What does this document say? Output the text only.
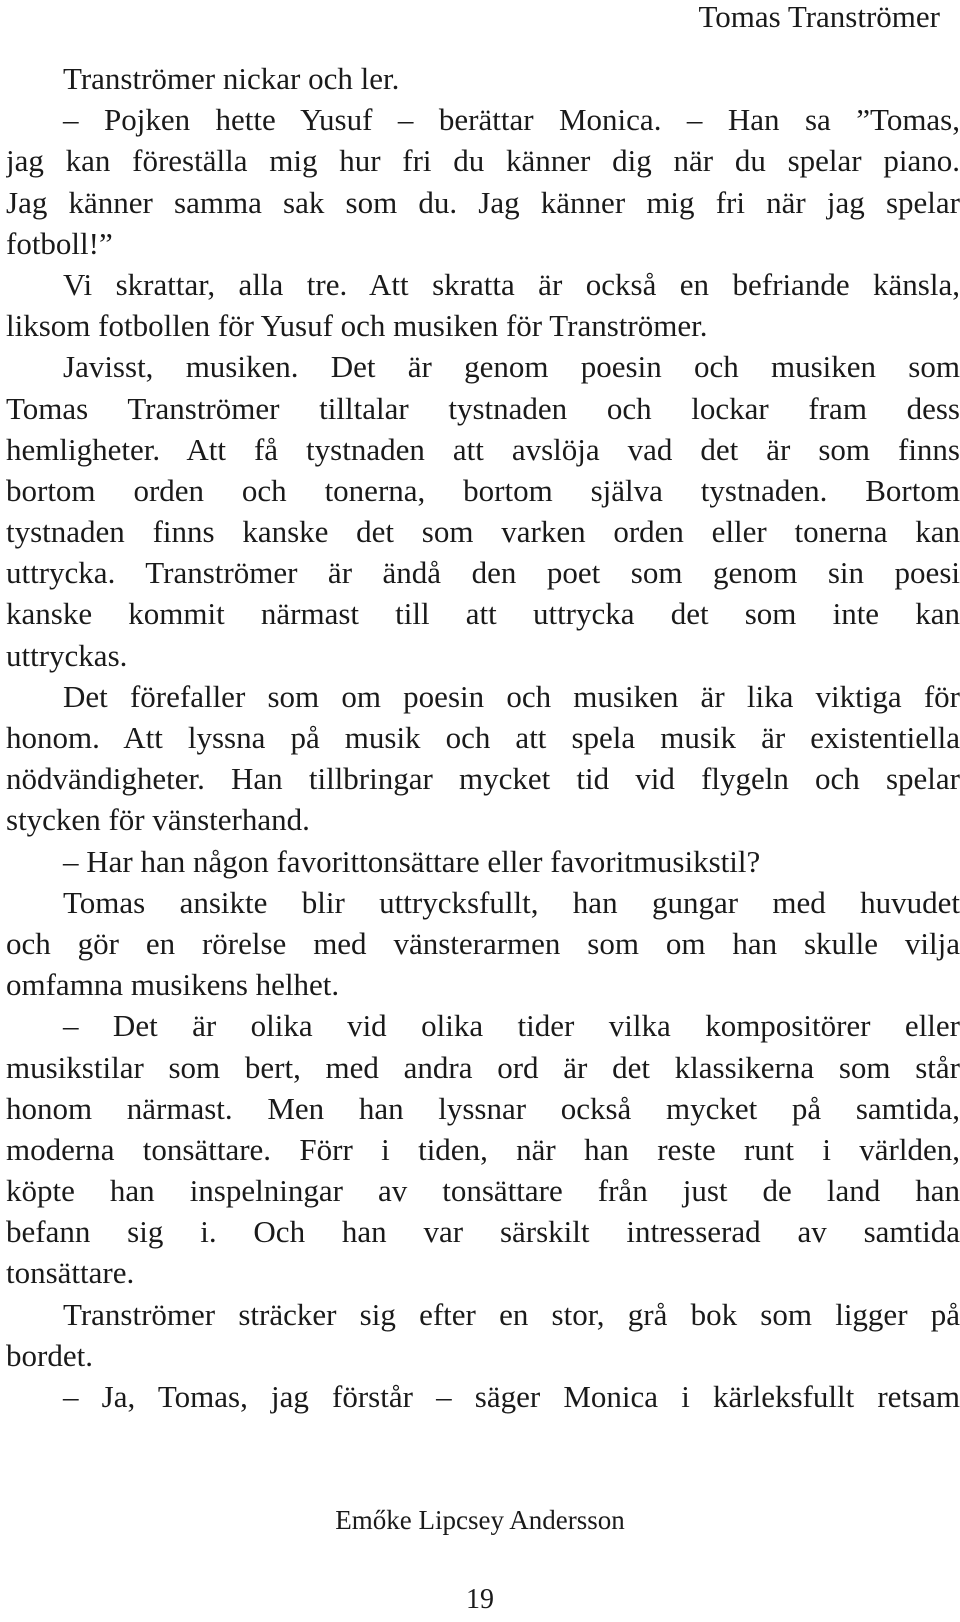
Tomas Tranströmer
Tranströmer nickar och ler.
– Pojken hette Yusuf – berättar Monica. – Han sa ”Tomas,
jag kan föreställa mig hur fri du känner dig när du spelar piano.
Jag känner samma sak som du. Jag känner mig fri när jag spelar
fotboll!”
Vi skrattar, alla tre. Att skratta är också en befriande känsla,
liksom fotbollen för Yusuf och musiken för Tranströmer.
Javisst, musiken. Det är genom poesin och musiken som
Tomas Tranströmer tilltalar tystnaden och lockar fram dess
hemligheter. Att få tystnaden att avslöja vad det är som finns
bortom orden och tonerna, bortom själva tystnaden. Bortom
tystnaden finns kanske det som varken orden eller tonerna kan
uttrycka. Tranströmer är ändå den poet som genom sin poesi
kanske kommit närmast till att uttrycka det som inte kan
uttryckas.
Det förefaller som om poesin och musiken är lika viktiga för
honom. Att lyssna på musik och att spela musik är existentiella
nödvändigheter. Han tillbringar mycket tid vid flygeln och spelar
stycken för vänsterhand.
– Har han någon favorittonsättare eller favoritmusikstil?
Tomas ansikte blir uttrycksfullt, han gungar med huvudet
och gör en rörelse med vänsterarmen som om han skulle vilja
omfamna musikens helhet.
– Det är olika vid olika tider vilka kompositörer eller
musikstilar som bert, med andra ord är det klassikerna som står
honom närmast. Men han lyssnar också mycket på samtida,
moderna tonsättare. Förr i tiden, när han reste runt i världen,
köpte han inspelningar av tonsättare från just de land han
befann sig i. Och han var särskilt intresserad av samtida
tonsättare.
Tranströmer sträcker sig efter en stor, grå bok som ligger på
bordet.
– Ja, Tomas, jag förstår – säger Monica i kärleksfullt retsam
Emőke Lipcsey Andersson
19
